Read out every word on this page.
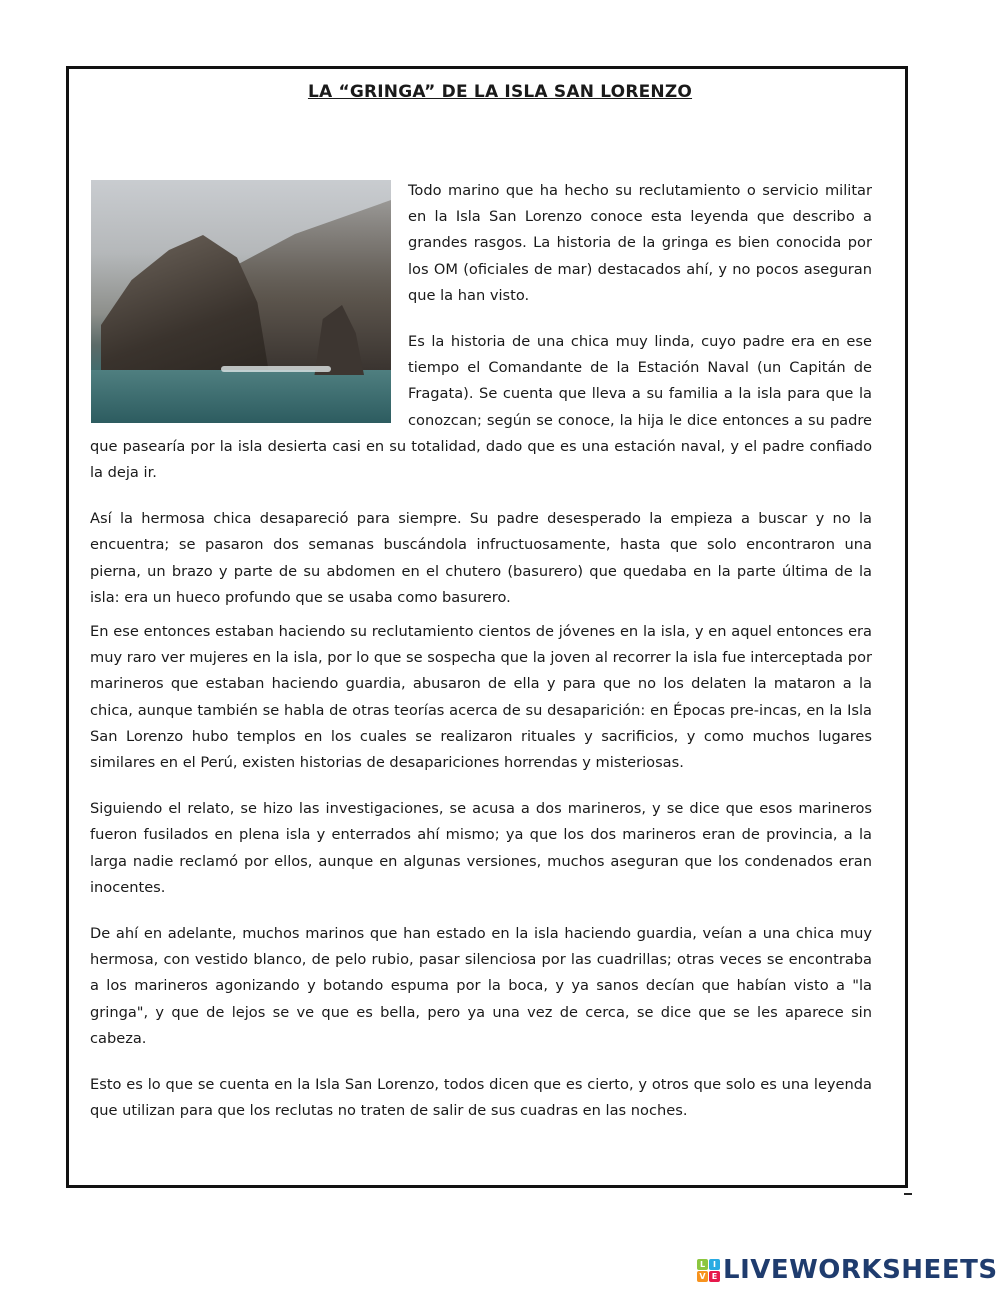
LA “GRINGA” DE LA ISLA SAN LORENZO

Todo marino que ha hecho su reclutamiento o servicio militar en la Isla San Lorenzo conoce esta leyenda que describo a grandes rasgos. La historia de la gringa es bien conocida por los OM (oficiales de mar) destacados ahí, y no pocos aseguran que la han visto.

Es la historia de una chica muy linda, cuyo padre era en ese tiempo el Comandante de la Estación Naval (un Capitán de Fragata). Se cuenta que lleva a su familia a la isla para que la conozcan; según se conoce, la hija le dice entonces a su padre que pasearía por la isla desierta casi en su totalidad, dado que es una estación naval, y el padre confiado la deja ir.

Así la hermosa chica desapareció para siempre. Su padre desesperado la empieza a buscar y no la encuentra; se pasaron dos semanas buscándola infructuosamente, hasta que solo encontraron una pierna, un brazo y parte de su abdomen en el chutero (basurero) que quedaba en la parte última de la isla: era un hueco profundo que se usaba como basurero.

En ese entonces estaban haciendo su reclutamiento cientos de jóvenes en la isla, y en aquel entonces era muy raro ver mujeres en la isla, por lo que se sospecha que la joven al recorrer la isla fue interceptada por marineros que estaban haciendo guardia, abusaron de ella y para que no los delaten la mataron a la chica, aunque también se habla de otras teorías acerca de su desaparición: en Épocas pre-incas, en la Isla San Lorenzo hubo templos en los cuales se realizaron rituales y sacrificios, y como muchos lugares similares en el Perú, existen historias de desapariciones horrendas y misteriosas.

Siguiendo el relato, se hizo las investigaciones, se acusa a dos marineros, y se dice que esos marineros fueron fusilados en plena isla y enterrados ahí mismo; ya que los dos marineros eran de provincia, a la larga nadie reclamó por ellos, aunque en algunas versiones, muchos aseguran que los condenados eran inocentes.

De ahí en adelante, muchos marinos que han estado en la isla haciendo guardia, veían a una chica muy hermosa, con vestido blanco, de pelo rubio, pasar silenciosa por las cuadrillas; otras veces se encontraba a los marineros agonizando y botando espuma por la boca, y ya sanos decían que habían visto a "la gringa", y que de lejos se ve que es bella, pero ya una vez de cerca, se dice que se les aparece sin cabeza.

Esto es lo que se cuenta en la Isla San Lorenzo, todos dicen que es cierto, y otros que solo es una leyenda que utilizan para que los reclutas no traten de salir de sus cuadras en las noches.

L I
V E LIVEWORKSHEETS
